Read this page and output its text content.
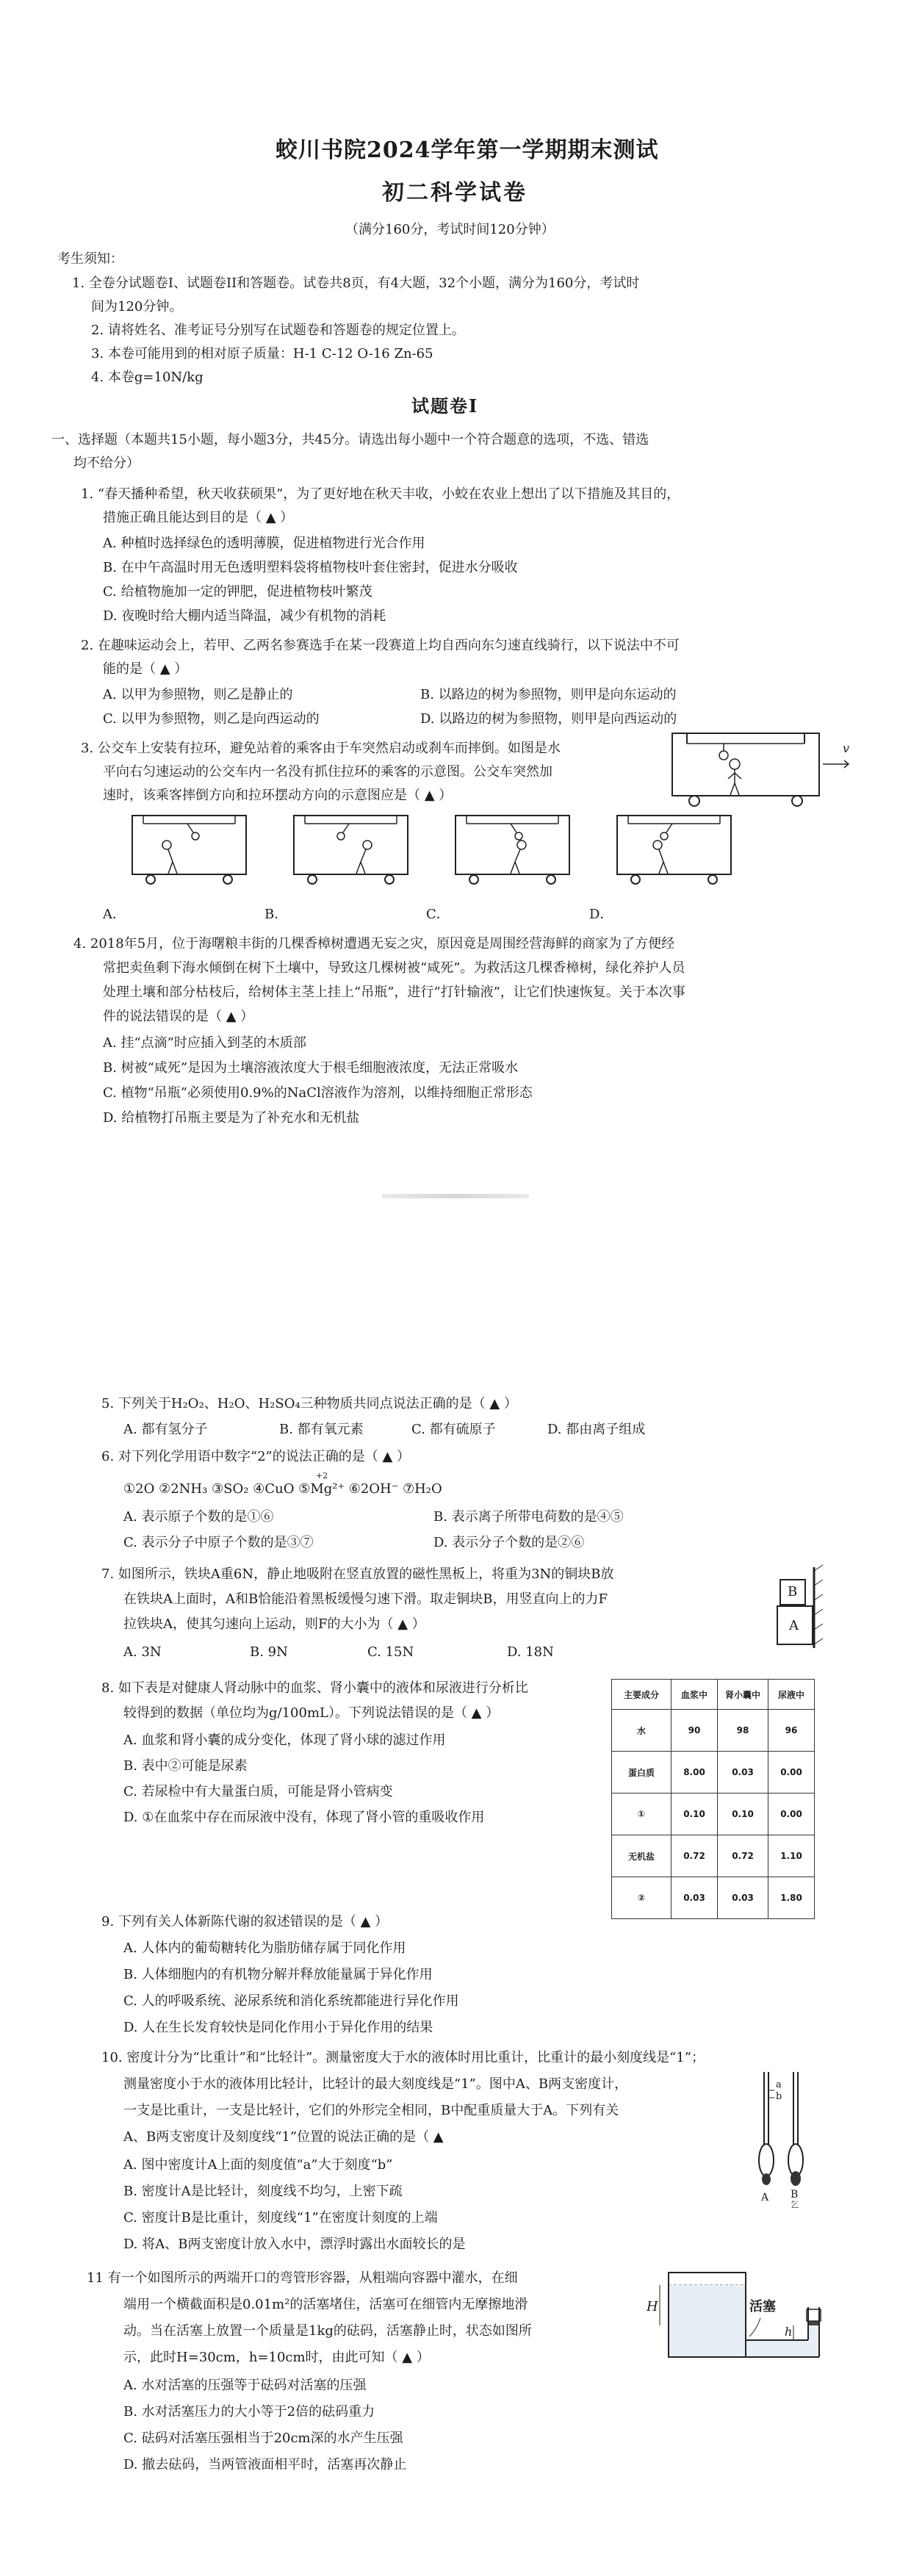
蛟川书院2024学年第一学期期末测试
初二科学试卷
（满分160分，考试时间120分钟）
考生须知：
1. 全卷分试题卷I、试题卷II和答题卷。试卷共8页，有4大题，32个小题，满分为160分，考试时
间为120分钟。
2. 请将姓名、准考证号分别写在试题卷和答题卷的规定位置上。
3. 本卷可能用到的相对原子质量：H-1 C-12 O-16 Zn-65
4. 本卷g=10N/kg
试题卷I
一、选择题（本题共15小题，每小题3分，共45分。请选出每小题中一个符合题意的选项，不选、错选
均不给分）
1. “春天播种希望，秋天收获硕果”，为了更好地在秋天丰收，小蛟在农业上想出了以下措施及其目的，
措施正确且能达到目的是（ ▲ ）
A. 种植时选择绿色的透明薄膜，促进植物进行光合作用
B. 在中午高温时用无色透明塑料袋将植物枝叶套住密封，促进水分吸收
C. 给植物施加一定的钾肥，促进植物枝叶繁茂
D. 夜晚时给大棚内适当降温，减少有机物的消耗
2. 在趣味运动会上，若甲、乙两名参赛选手在某一段赛道上均自西向东匀速直线骑行，以下说法中不可
能的是（ ▲ ）
A. 以甲为参照物，则乙是静止的	B. 以路边的树为参照物，则甲是向东运动的
C. 以甲为参照物，则乙是向西运动的	D. 以路边的树为参照物，则甲是向西运动的
3. 公交车上安装有拉环，避免站着的乘客由于车突然启动或刹车而摔倒。如图是水
平向右匀速运动的公交车内一名没有抓住拉环的乘客的示意图。公交车突然加
速时，该乘客摔倒方向和拉环摆动方向的示意图应是（ ▲ ）
v
A．	B．	C．	D．
4. 2018年5月，位于海曙粮丰街的几棵香樟树遭遇无妄之灾，原因竟是周围经营海鲜的商家为了方便经
常把卖鱼剩下海水倾倒在树下土壤中，导致这几棵树被“咸死”。为救活这几棵香樟树，绿化养护人员
处理土壤和部分枯枝后，给树体主茎上挂上“吊瓶”，进行“打针输液”，让它们快速恢复。关于本次事
件的说法错误的是（ ▲ ）
A. 挂“点滴”时应插入到茎的木质部
B. 树被“咸死”是因为土壤溶液浓度大于根毛细胞液浓度，无法正常吸水
C. 植物“吊瓶”必须使用0.9%的NaCl溶液作为溶剂，以维持细胞正常形态
D. 给植物打吊瓶主要是为了补充水和无机盐
5. 下列关于H₂O₂、H₂O、H₂SO₄三种物质共同点说法正确的是（ ▲ ）
A. 都有氢分子	B. 都有氧元素	C. 都有硫原子	D. 都由离子组成
6. 对下列化学用语中数字“2”的说法正确的是（ ▲ ）
+2
①2O ②2NH₃ ③SO₂ ④CuO ⑤Mg²⁺ ⑥2OH⁻ ⑦H₂O
A. 表示原子个数的是①⑥	B. 表示离子所带电荷数的是④⑤
C. 表示分子中原子个数的是③⑦	D. 表示分子个数的是②⑥
7. 如图所示，铁块A重6N，静止地吸附在竖直放置的磁性黑板上，将重为3N的铜块B放
在铁块A上面时，A和B恰能沿着黑板缓慢匀速下滑。取走铜块B，用竖直向上的力F
拉铁块A，使其匀速向上运动，则F的大小为（ ▲ ）
A. 3N	B. 9N	C. 15N	D. 18N
B
A
8. 如下表是对健康人肾动脉中的血浆、肾小囊中的液体和尿液进行分析比
较得到的数据（单位均为g/100mL）。下列说法错误的是（ ▲ ）
A. 血浆和肾小囊的成分变化，体现了肾小球的滤过作用
B. 表中②可能是尿素
C. 若尿检中有大量蛋白质，可能是肾小管病变
D. ①在血浆中存在而尿液中没有，体现了肾小管的重吸收作用
主要成分	血浆中	肾小囊中	尿液中
水	90	98	96
蛋白质	8.00	0.03	0.00
①	0.10	0.10	0.00
无机盐	0.72	0.72	1.10
②	0.03	0.03	1.80
9. 下列有关人体新陈代谢的叙述错误的是（ ▲ ）
A. 人体内的葡萄糖转化为脂肪储存属于同化作用
B. 人体细胞内的有机物分解并释放能量属于异化作用
C. 人的呼吸系统、泌尿系统和消化系统都能进行异化作用
D. 人在生长发育较快是同化作用小于异化作用的结果
10. 密度计分为“比重计”和“比轻计”。测量密度大于水的液体时用比重计，比重计的最小刻度线是“1”；
测量密度小于水的液体用比轻计，比轻计的最大刻度线是“1”。图中A、B两支密度计，
一支是比重计，一支是比轻计，它们的外形完全相同，B中配重质量大于A。下列有关
A、B两支密度计及刻度线“1”位置的说法正确的是（ ▲
A. 图中密度计A上面的刻度值“a”大于刻度“b”
B. 密度计A是比轻计，刻度线不均匀，上密下疏
C. 密度计B是比重计，刻度线“1”在密度计刻度的上端
D. 将A、B两支密度计放入水中，漂浮时露出水面较长的是
a
b
A B
乞
11 有一个如图所示的两端开口的弯管形容器，从粗端向容器中灌水，在细
端用一个横截面积是0.01m²的活塞堵住，活塞可在细管内无摩擦地滑
动。当在活塞上放置一个质量是1kg的砝码，活塞静止时，状态如图所
示，此时H=30cm，h=10cm时，由此可知（ ▲ ）
A. 水对活塞的压强等于砝码对活塞的压强
B. 水对活塞压力的大小等于2倍的砝码重力
C. 砝码对活塞压强相当于20cm深的水产生压强
D. 撤去砝码，当两管液面相平时，活塞再次静止
H
h
活塞
